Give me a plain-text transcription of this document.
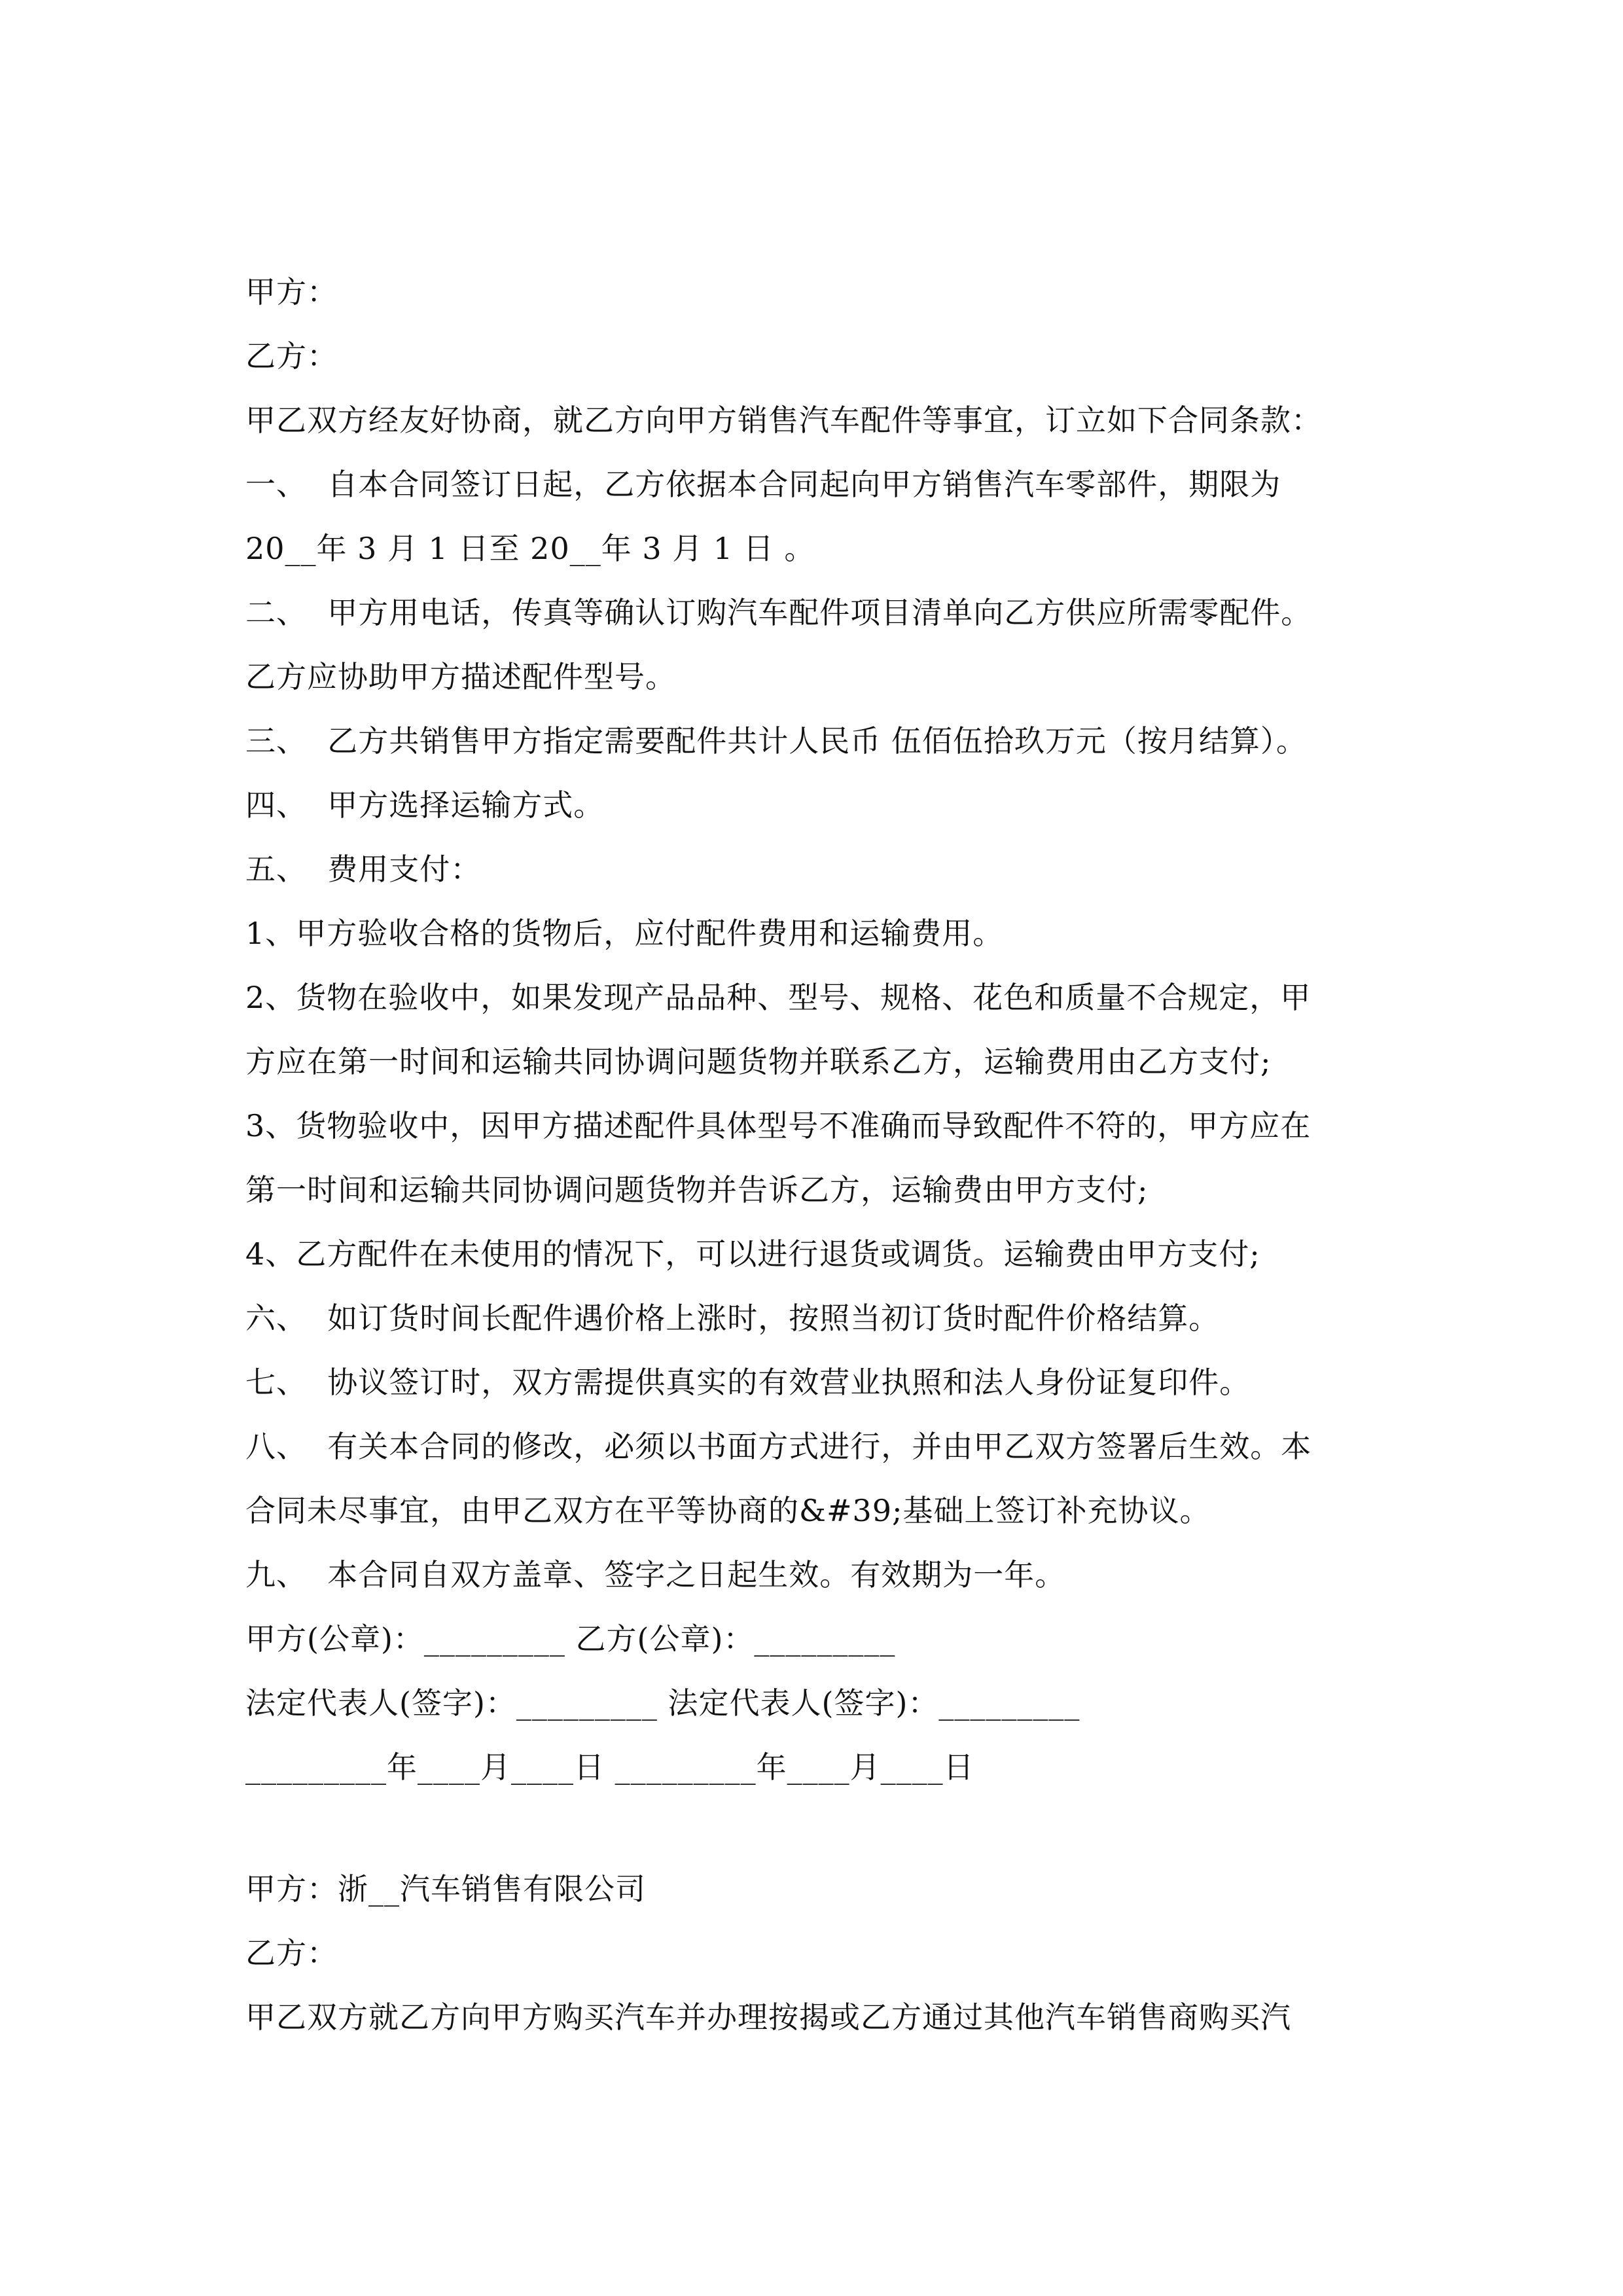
甲方：
乙方：
甲乙双方经友好协商，就乙方向甲方销售汽车配件等事宜，订立如下合同条款：
一、  自本合同签订日起，乙方依据本合同起向甲方销售汽车零部件，期限为
20__年 3 月 1 日至 20__年 3 月 1 日 。
二、  甲方用电话，传真等确认订购汽车配件项目清单向乙方供应所需零配件。
乙方应协助甲方描述配件型号。
三、  乙方共销售甲方指定需要配件共计人民币 伍佰伍拾玖万元（按月结算）。
四、  甲方选择运输方式。
五、  费用支付：
1、甲方验收合格的货物后，应付配件费用和运输费用。
2、货物在验收中，如果发现产品品种、型号、规格、花色和质量不合规定，甲
方应在第一时间和运输共同协调问题货物并联系乙方，运输费用由乙方支付;
3、货物验收中，因甲方描述配件具体型号不准确而导致配件不符的，甲方应在
第一时间和运输共同协调问题货物并告诉乙方，运输费由甲方支付;
4、乙方配件在未使用的情况下，可以进行退货或调货。运输费由甲方支付;
六、  如订货时间长配件遇价格上涨时，按照当初订货时配件价格结算。
七、  协议签订时，双方需提供真实的有效营业执照和法人身份证复印件。
八、  有关本合同的修改，必须以书面方式进行，并由甲乙双方签署后生效。本
合同未尽事宜，由甲乙双方在平等协商的&#39;基础上签订补充协议。
九、  本合同自双方盖章、签字之日起生效。有效期为一年。
甲方(公章)：_________ 乙方(公章)：_________
法定代表人(签字)：_________ 法定代表人(签字)：_________
_________年____月____日 _________年____月____日
甲方：浙__汽车销售有限公司
乙方：
甲乙双方就乙方向甲方购买汽车并办理按揭或乙方通过其他汽车销售商购买汽
